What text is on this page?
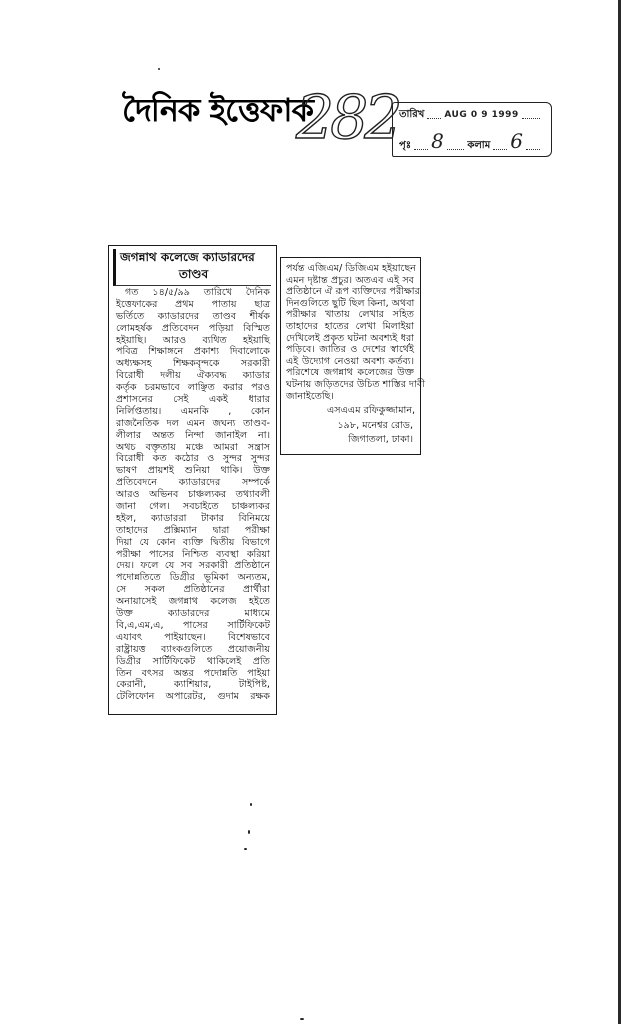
দৈনিক ইত্তেফাক
282 তারিখ AUG 0 9 1999
পৃঃ 8 কলাম 6
জগন্নাথ কলেজে ক্যাডারদের
তাণ্ডব
গত ১৪/৫/৯৯ তারিখে দৈনিক
ইত্তেফাকের প্রথম পাতায় ছাত্র
ভর্তিতে ক্যাডারদের তাণ্ডব শীর্ষক
লোমহর্ষক প্রতিবেদন পড়িয়া বিস্মিত
হইয়াছি। আরও ব্যথিত হইয়াছি
পবিত্র শিক্ষাঙ্গনে প্রকাশ্য দিবালোকে
অধ্যক্ষসহ শিক্ষকবৃন্দকে সরকারী
বিরোধী দলীয় ঐক্যবদ্ধ ক্যাডার
কর্তৃক চরমভাবে লাঞ্ছিত করার পরও
প্রশাসনের সেই একই ধারার
নির্লিপ্ততায়। এমনকি , কোন
রাজনৈতিক দল এমন জঘন্য তাণ্ডব-
লীলার অন্তত নিন্দা জানাইল না।
অথচ বক্তৃতায় মঞ্চে আমরা সন্ত্রাস
বিরোধী কত কঠোর ও সুন্দর সুন্দর
ভাষণ প্রায়শই শুনিয়া থাকি। উক্ত
প্রতিবেদনে ক্যাডারদের সম্পর্কে
আরও অভিনব চাঞ্চল্যকর তথ্যাবলী
জানা গেল। সবচাইতে চাঞ্চল্যকর
হইল, ক্যাডাররা টাকার বিনিময়ে
তাহাদের প্রক্সিম্যান দ্বারা পরীক্ষা
দিয়া যে কোন ব্যক্তি দ্বিতীয় বিভাগে
পরীক্ষা পাসের নিশ্চিত ব্যবস্থা করিয়া
দেয়। ফলে যে সব সরকারী প্রতিষ্ঠানে
পদোন্নতিতে ডিগ্রীর ভূমিকা অন্যতম,
সে সকল প্রতিষ্ঠানের প্রার্থীরা
অনায়াসেই জগন্নাথ কলেজ হইতে
উক্ত ক্যাডারদের মাধ্যমে
বি,এ,এম,এ, পাসের সার্টিফিকেট
এযাবৎ পাইয়াছেন। বিশেষভাবে
রাষ্ট্রায়ত্ত ব্যাংকগুলিতে প্রয়োজনীয়
ডিগ্রীর সার্টিফিকেট থাকিলেই প্রতি
তিন বৎসর অন্তর পদোন্নতি পাইয়া
কেরানী, ক্যাশিয়ার, টাইপিষ্ট,
টেলিফোন অপারেটর, গুদাম রক্ষক
পর্যন্ত এজিএম/ ডিজিএম হইয়াছেন
এমন দৃষ্টান্ত প্রচুর। অতএব এই সব
প্রতিষ্ঠানে ঐ রূপ ব্যক্তিদের পরীক্ষার
দিনগুলিতে ছুটি ছিল কিনা, অথবা
পরীক্ষার খাতায় লেখার সহিত
তাহাদের হাতের লেখা মিলাইয়া
দেখিলেই প্রকৃত ঘটনা অবশ্যই ধরা
পড়িবে। জাতির ও দেশের স্বার্থেই
এই উদ্যোগ নেওয়া অবশ্য কর্তব্য।
পরিশেষে জগন্নাথ কলেজের উক্ত
ঘটনায় জড়িতদের উচিত শাস্তির দাবী
জানাইতেছি।
এসএএম রফিকুজ্জামান,
১৯৮, মনেশ্বর রোড,
জিগাতলা, ঢাকা।
